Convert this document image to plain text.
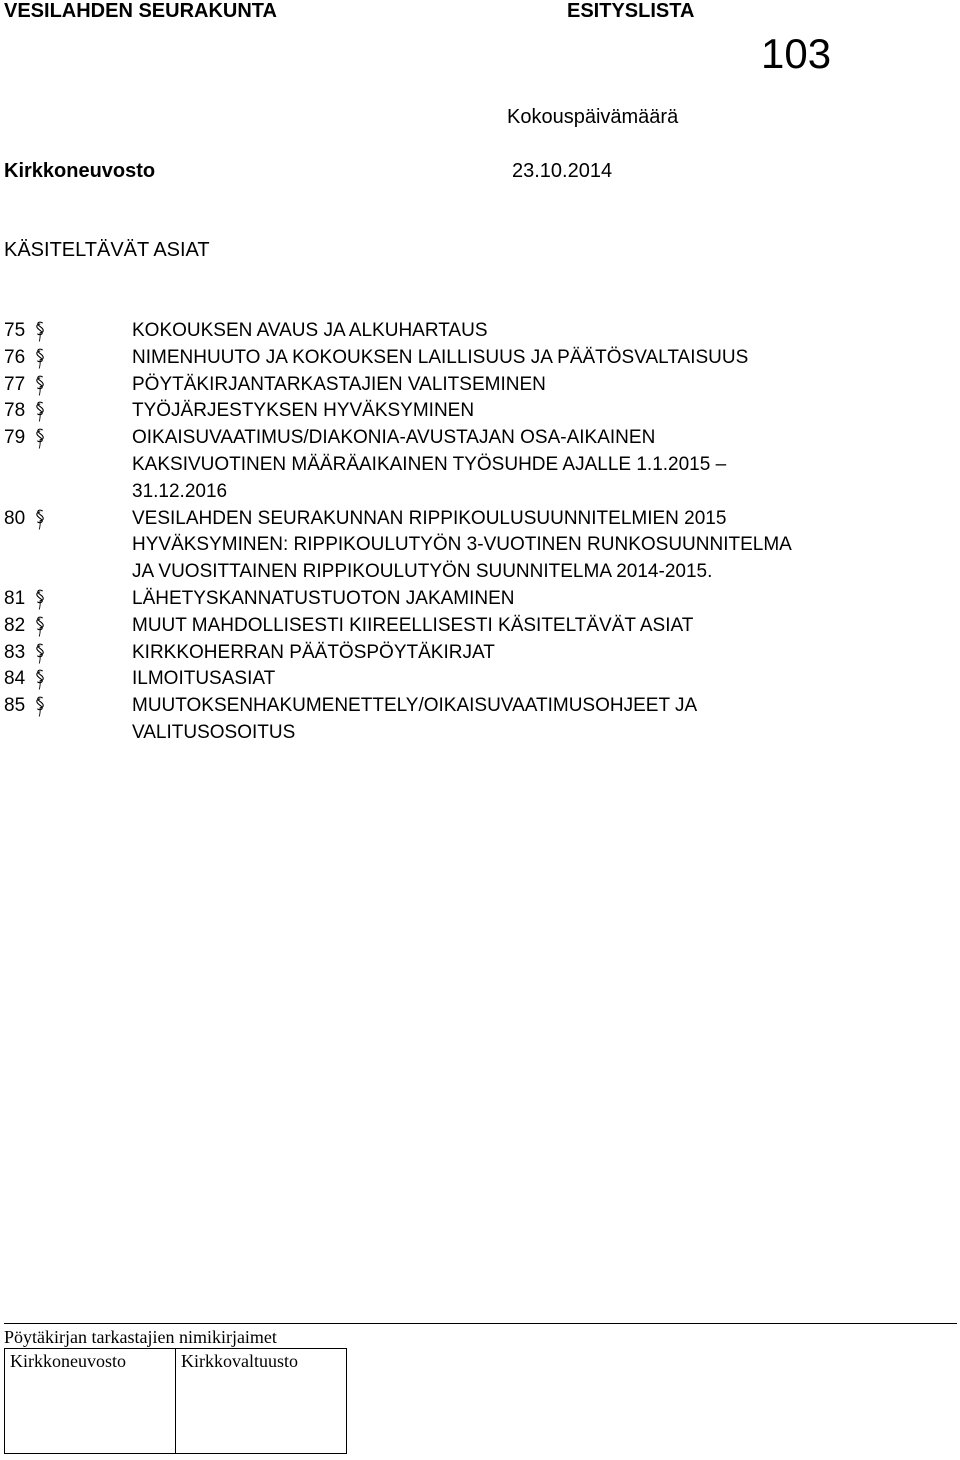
VESILAHDEN SEURAKUNTA	ESITYSLISTA
103
Kokouspäivämäärä
Kirkkoneuvosto	23.10.2014
KÄSITELTÄVÄT ASIAT
75	KOKOUKSEN AVAUS JA ALKUHARTAUS
76	NIMENHUUTO JA KOKOUKSEN LAILLISUUS JA PÄÄTÖSVALTAISUUS
77	PÖYTÄKIRJANTARKASTAJIEN VALITSEMINEN
78	TYÖJÄRJESTYKSEN HYVÄKSYMINEN
79	OIKAISUVAATIMUS/DIAKONIA-AVUSTAJAN OSA-AIKAINEN
KAKSIVUOTINEN MÄÄRÄAIKAINEN TYÖSUHDE AJALLE 1.1.2015 –
31.12.2016
80	VESILAHDEN SEURAKUNNAN RIPPIKOULUSUUNNITELMIEN 2015
HYVÄKSYMINEN: RIPPIKOULUTYÖN 3-VUOTINEN RUNKOSUUNNITELMA
JA VUOSITTAINEN RIPPIKOULUTYÖN SUUNNITELMA 2014-2015.
81	LÄHETYSKANNATUSTUOTON JAKAMINEN
82	MUUT MAHDOLLISESTI KIIREELLISESTI KÄSITELTÄVÄT ASIAT
83	KIRKKOHERRAN PÄÄTÖSPÖYTÄKIRJAT
84	ILMOITUSASIAT
85	MUUTOKSENHAKUMENETTELY/OIKAISUVAATIMUSOHJEET JA
VALITUSOSOITUS
Pöytäkirjan tarkastajien nimikirjaimet
Kirkkoneuvosto	Kirkkovaltuusto
